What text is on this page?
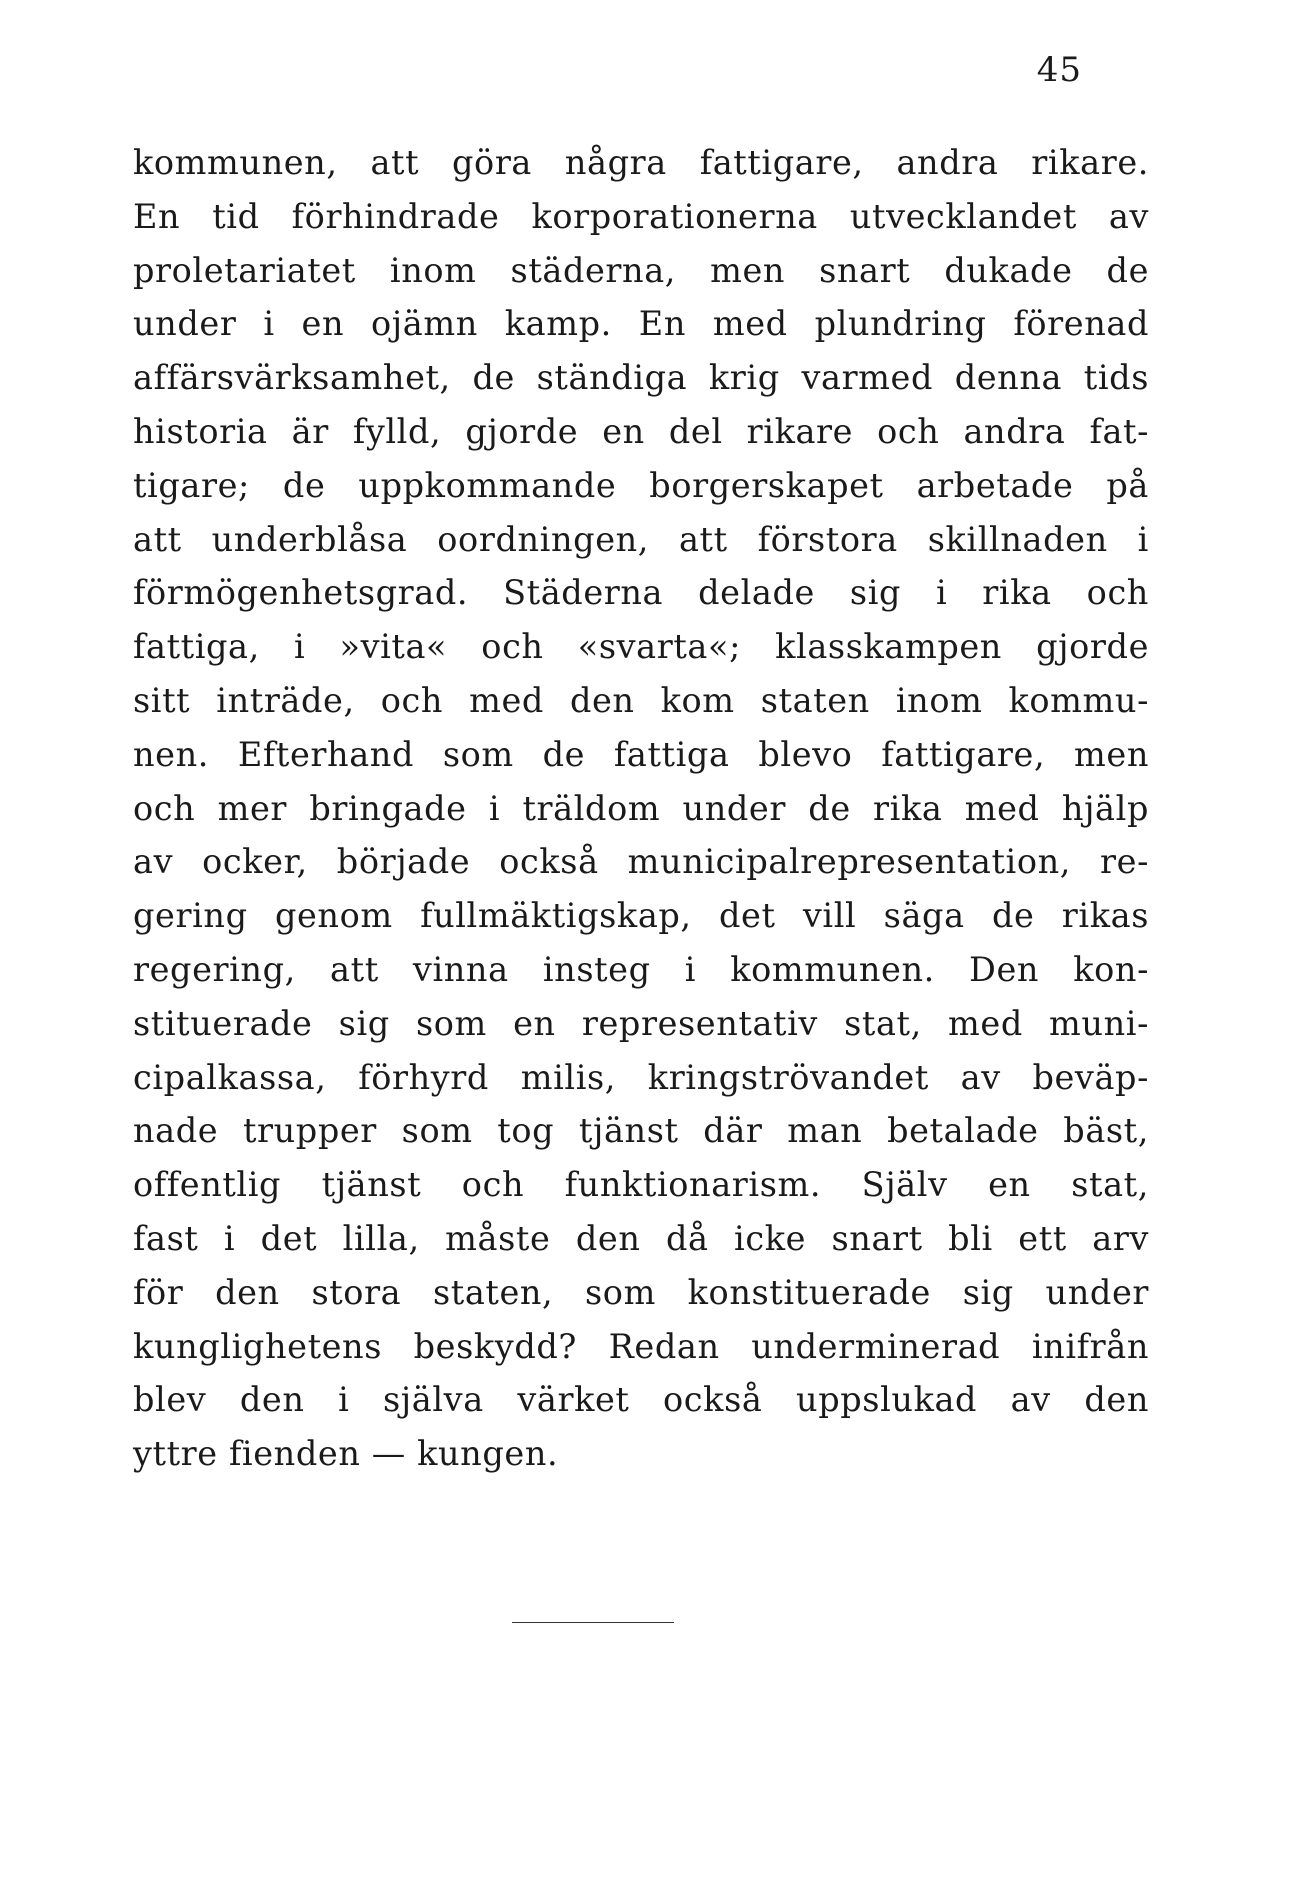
45
kommunen, att göra några fattigare, andra rikare.
En tid förhindrade korporationerna utvecklandet av
proletariatet inom städerna, men snart dukade de
under i en ojämn kamp. En med plundring förenad
affärsvärksamhet, de ständiga krig varmed denna tids
historia är fylld, gjorde en del rikare och andra fat-
tigare; de uppkommande borgerskapet arbetade på
att underblåsa oordningen, att förstora skillnaden i
förmögenhetsgrad. Städerna delade sig i rika och
fattiga, i »vita« och «svarta«; klasskampen gjorde
sitt inträde, och med den kom staten inom kommu-
nen. Efterhand som de fattiga blevo fattigare, men
och mer bringade i träldom under de rika med hjälp
av ocker, började också municipalrepresentation, re-
gering genom fullmäktigskap, det vill säga de rikas
regering, att vinna insteg i kommunen. Den kon-
stituerade sig som en representativ stat, med muni-
cipalkassa, förhyrd milis, kringströvandet av beväp-
nade trupper som tog tjänst där man betalade bäst,
offentlig tjänst och funktionarism. Själv en stat,
fast i det lilla, måste den då icke snart bli ett arv
för den stora staten, som konstituerade sig under
kunglighetens beskydd? Redan underminerad inifrån
blev den i själva värket också uppslukad av den
yttre fienden — kungen.
